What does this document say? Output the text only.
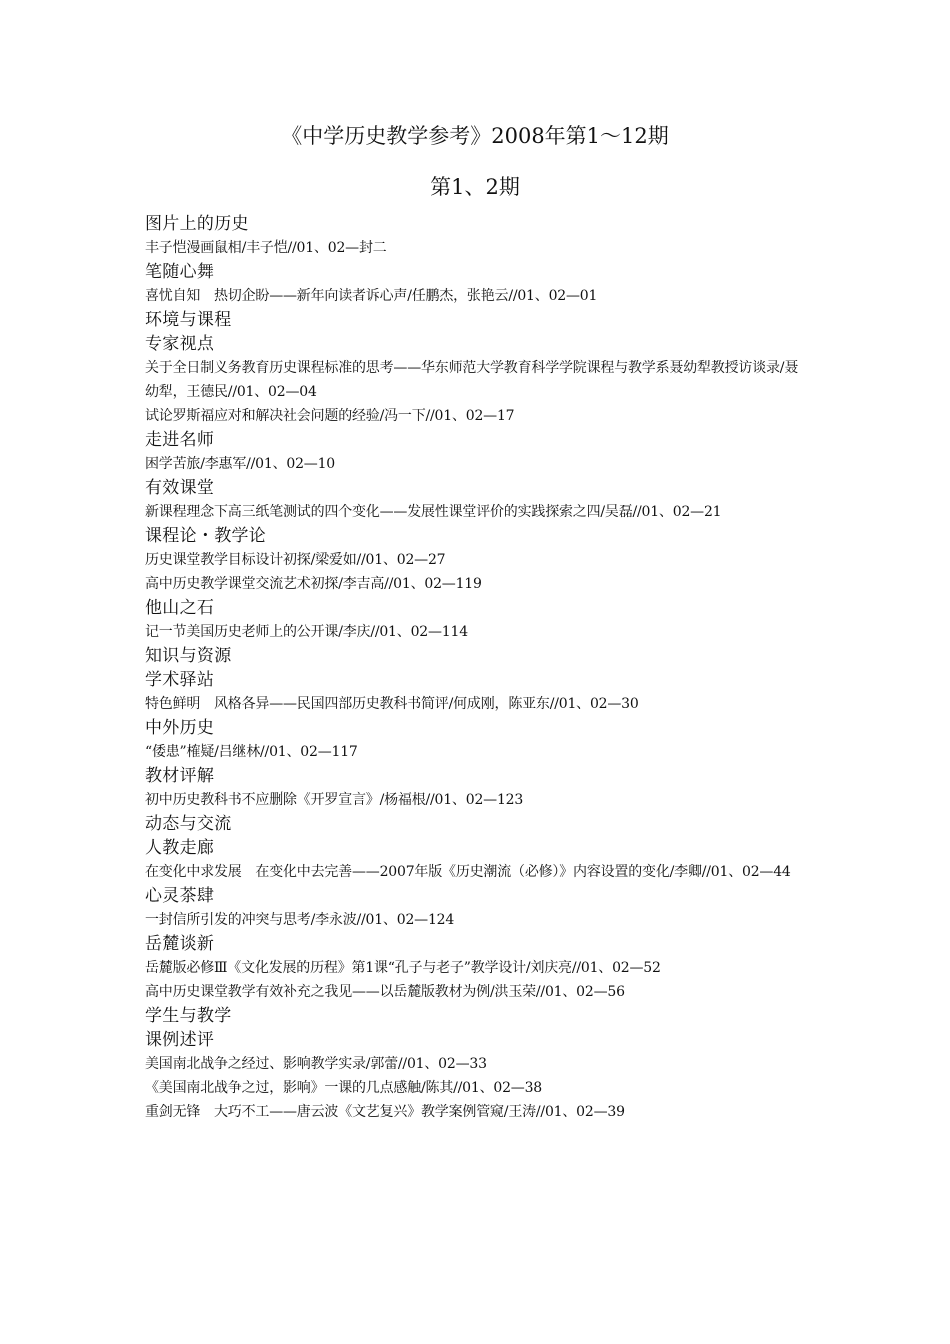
《中学历史教学参考》2008年第1～12期
第1、2期
图片上的历史
丰子恺漫画鼠相/丰子恺//01、02—封二
笔随心舞
喜忧自知　热切企盼——新年向读者诉心声/任鹏杰，张艳云//01、02—01
环境与课程
专家视点
关于全日制义务教育历史课程标准的思考——华东师范大学教育科学学院课程与教学系聂幼犁教授访谈录/聂幼犁，王德民//01、02—04
试论罗斯福应对和解决社会问题的经验/冯一下//01、02—17
走进名师
困学苦旅/李惠军//01、02—10
有效课堂
新课程理念下高三纸笔测试的四个变化——发展性课堂评价的实践探索之四/吴磊//01、02—21
课程论・教学论
历史课堂教学目标设计初探/梁爱如//01、02—27
高中历史教学课堂交流艺术初探/李吉高//01、02—119
他山之石
记一节美国历史老师上的公开课/李庆//01、02—114
知识与资源
学术驿站
特色鲜明　风格各异——民国四部历史教科书简评/何成刚，陈亚东//01、02—30
中外历史
“倭患”榷疑/吕继林//01、02—117
教材评解
初中历史教科书不应删除《开罗宣言》/杨福根//01、02—123
动态与交流
人教走廊
在变化中求发展　在变化中去完善——2007年版《历史潮流（必修）》内容设置的变化/李卿//01、02—44
心灵茶肆
一封信所引发的冲突与思考/李永波//01、02—124
岳麓谈新
岳麓版必修Ⅲ《文化发展的历程》第1课“孔子与老子”教学设计/刘庆亮//01、02—52
高中历史课堂教学有效补充之我见——以岳麓版教材为例/洪玉荣//01、02—56
学生与教学
课例述评
美国南北战争之经过、影响教学实录/郭蕾//01、02—33
《美国南北战争之过，影响》一课的几点感触/陈其//01、02—38
重剑无锋　大巧不工——唐云波《文艺复兴》教学案例管窥/王涛//01、02—39
